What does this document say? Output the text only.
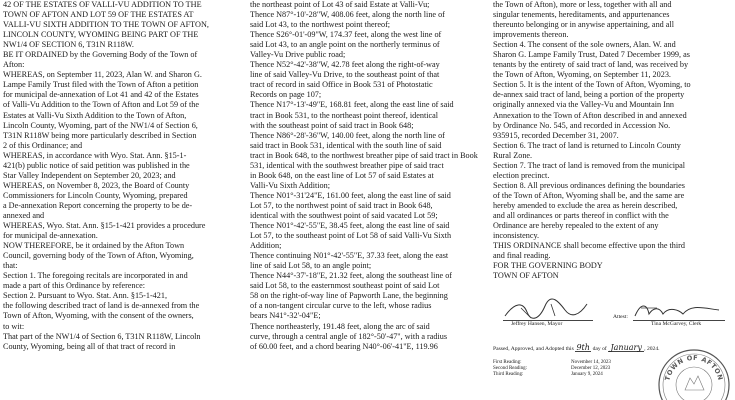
42 OF THE ESTATES OF VALLI-VU ADDITION TO THE
TOWN OF AFTON AND LOT 59 OF THE ESTATES AT
VALLI-VU SIXTH ADDITION TO THE TOWN OF AFTON,
LINCOLN COUNTY, WYOMING BEING PART OF THE
NW1/4 OF SECTION 6, T31N R118W.
BE IT ORDAINED by the Governing Body of the Town of
Afton:
WHEREAS, on September 11, 2023, Alan W. and Sharon G.
Lampe Family Trust filed with the Town of Afton a petition
for municipal de-annexation of Lot 41 and 42 of the Estates
of Valli-Vu Addition to the Town of Afton and Lot 59 of the
Estates at Valli-Vu Sixth Addition to the Town of Afton,
Lincoln County, Wyoming, part of the NW1/4 of Section 6,
T31N R118W being more particularly described in Section
2 of this Ordinance; and
WHEREAS, in accordance with Wyo. Stat. Ann. §15-1-
421(b) public notice of said petition was published in the
Star Valley Independent on September 20, 2023; and
WHEREAS, on November 8, 2023, the Board of County
Commissioners for Lincoln County, Wyoming, prepared
a De-annexation Report concerning the property to be de-
annexed and
WHEREAS, Wyo. Stat. Ann. §15-1-421 provides a procedure
for municipal de-annexation.
NOW THEREFORE, be it ordained by the Afton Town
Council, governing body of the Town of Afton, Wyoming,
that:
Section 1. The foregoing recitals are incorporated in and
made a part of this Ordinance by reference:
Section 2. Pursuant to Wyo. Stat. Ann. §15-1-421,
the following described tract of land is de-annexed from the
Town of Afton, Wyoming, with the consent of the owners,
to wit:
That part of the NW1/4 of Section 6, T31N R118W, Lincoln
County, Wyoming, being all of that tract of record in
the northeast point of Lot 43 of said Estate at Valli-Vu;
Thence N87°-10'-28"W, 408.06 feet, along the north line of
said Lot 43, to the northwest point thereof;
Thence S26°-01'-09"W, 174.37 feet, along the west line of
said Lot 43, to an angle point on the northerly terminus of
Valley-Vu Drive public road;
Thence N52°-42'-38"W, 42.78 feet along the right-of-way
line of said Valley-Vu Drive, to the southeast point of that
tract of record in said Office in Book 531 of Photostatic
Records on page 107;
Thence N17°-13'-49"E, 168.81 feet, along the east line of said
tract in Book 531, to the northeast point thereof, identical
with the southeast point of said tract in Book 648;
Thence N86°-28'-36"W, 140.00 feet, along the north line of
said tract in Book 531, identical with the south line of said
tract in Book 648, to the northwest breather pipe of said tract in Book
531, identical with the southwest breather pipe of said tract
in Book 648, on the east line of Lot 57 of said Estates at
Valli-Vu Sixth Addition;
Thence N01°-31'24"E, 161.00 feet, along the east line of said
Lot 57, to the northwest point of said tract in Book 648,
identical with the southwest point of said vacated Lot 59;
Thence N01°-42'-55"E, 38.45 feet, along the east line of said
Lot 57, to the southeast point of Lot 58 of said Valli-Vu Sixth
Addition;
Thence continuing N01°-42'-55"E, 37.33 feet, along the east
line of said Lot 58, to an angle point;
Thence N44°-37'-18"E, 21.32 feet, along the southeast line of
said Lot 58, to the easternmost southeast point of said Lot
58 on the right-of-way line of Papworth Lane, the beginning
of a non-tangent circular curve to the left, whose radius
bears N41°-32'-04"E;
Thence northeasterly, 191.48 feet, along the arc of said
curve, through a central angle of 182°-50'-47", with a radius
of 60.00 feet, and a chord bearing N40°-06'-41"E, 119.96
the Town of Afton), more or less, together with all and
singular tenements, hereditaments, and appurtenances
thereunto belonging or in anywise appertaining, and all
improvements thereon.
Section 4. The consent of the sole owners, Alan. W. and
Sharon G. Lampe Family Trust, Dated 7 December 1999, as
tenants by the entirety of said tract of land, was received by
the Town of Afton, Wyoming, on September 11, 2023.
Section 5. It is the intent of the Town of Afton, Wyoming, to
de-annex said tract of land, being a portion of the property
originally annexed via the Valley-Vu and Mountain Inn
Annexation to the Town of Afton described in and annexed
by Ordinance No. 545, and recorded in Accession No.
935915, recorded December 31, 2007.
Section 6. The tract of land is returned to Lincoln County
Rural Zone.
Section 7. The tract of land is removed from the municipal
election precinct.
Section 8. All previous ordinances defining the boundaries
of the Town of Afton, Wyoming shall be, and the same are
hereby amended to exclude the area as herein described,
and all ordinances or parts thereof in conflict with the
Ordinance are hereby repealed to the extent of any
inconsistency.
THIS ORDINANCE shall become effective upon the third
and final reading.
FOR THE GOVERNING BODY
TOWN OF AFTON
Jeffrey Hansen, Mayor
Attest:
Tina McGarvey, Clerk
Passed, Approved, and Adopted this 9th day of January , 2024.
First Reading:	November 14, 2023
Second Reading:	December 12, 2023
Third Reading:	January 9, 2024	TOWN OF AFTON
